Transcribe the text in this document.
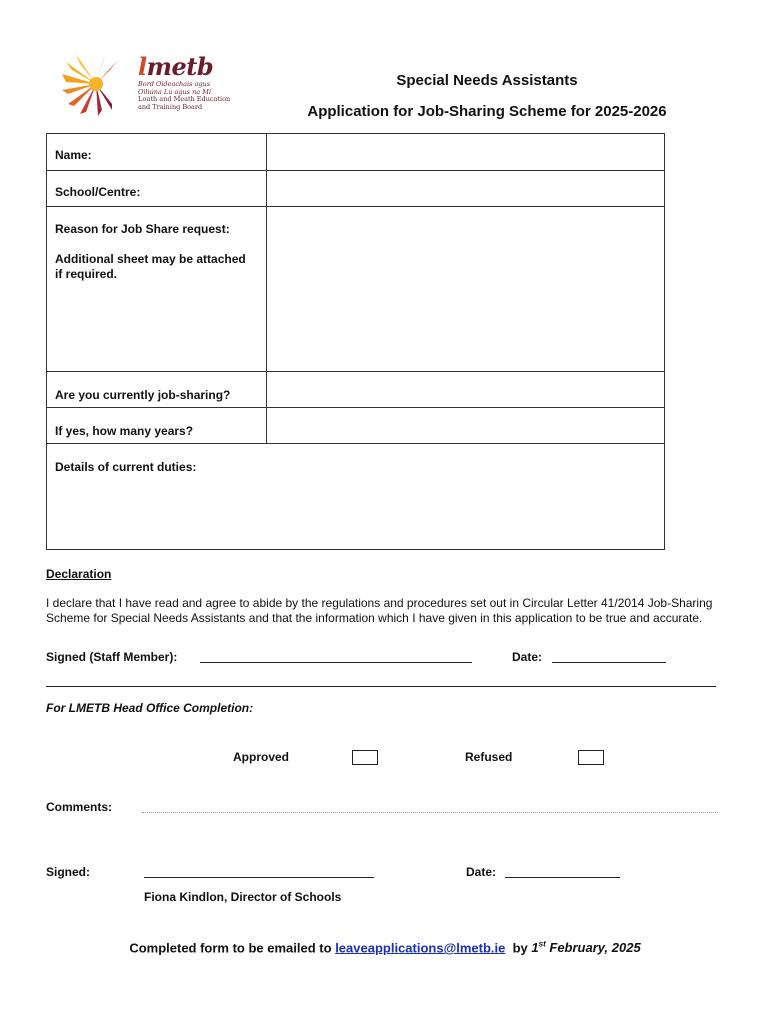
lmetb
Bord Oideachais agus
Oiliúna Lú agus na Mí
Louth and Meath Education
and Training Board
Special Needs Assistants
Application for Job-Sharing Scheme for 2025-2026
Name:
School/Centre:
Reason for Job Share request:
Additional sheet may be attached
if required.
Are you currently job-sharing?
If yes, how many years?
Details of current duties:
Declaration
I declare that I have read and agree to abide by the regulations and procedures set out in Circular Letter 41/2014 Job-Sharing Scheme for Special Needs Assistants and that the information which I have given in this application to be true and accurate.
Signed (Staff Member):	Date:
For LMETB Head Office Completion:
Approved	Refused
Comments:
Signed:	Date:
Fiona Kindlon, Director of Schools
Completed form to be emailed to leaveapplications@lmetb.ie by 1st February, 2025
